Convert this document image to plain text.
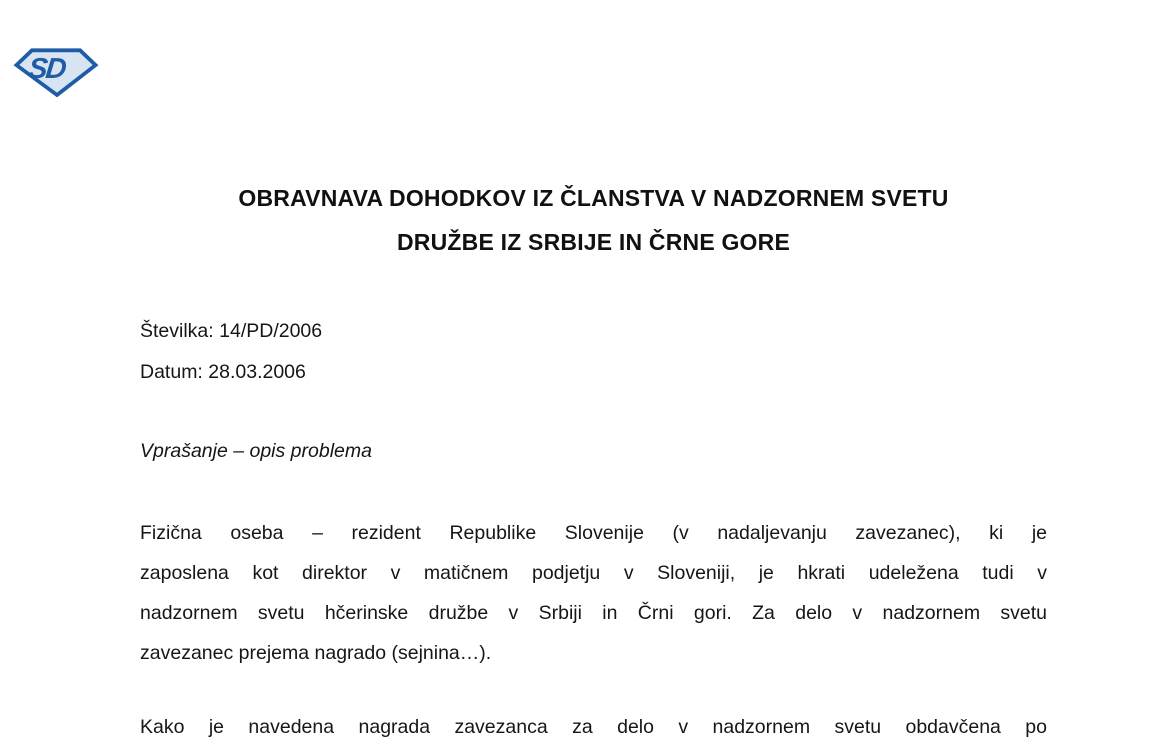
SD
OBRAVNAVA DOHODKOV IZ ČLANSTVA V NADZORNEM SVETU
DRUŽBE IZ SRBIJE IN ČRNE GORE
Številka: 14/PD/2006
Datum: 28.03.2006
Vprašanje – opis problema
Fizična oseba – rezident Republike Slovenije (v nadaljevanju zavezanec), ki je
zaposlena kot direktor v matičnem podjetju v Sloveniji, je hkrati udeležena tudi v
nadzornem svetu hčerinske družbe v Srbiji in Črni gori. Za delo v nadzornem svetu
zavezanec prejema nagrado (sejnina…).
Kako je navedena nagrada zavezanca za delo v nadzornem svetu obdavčena po
